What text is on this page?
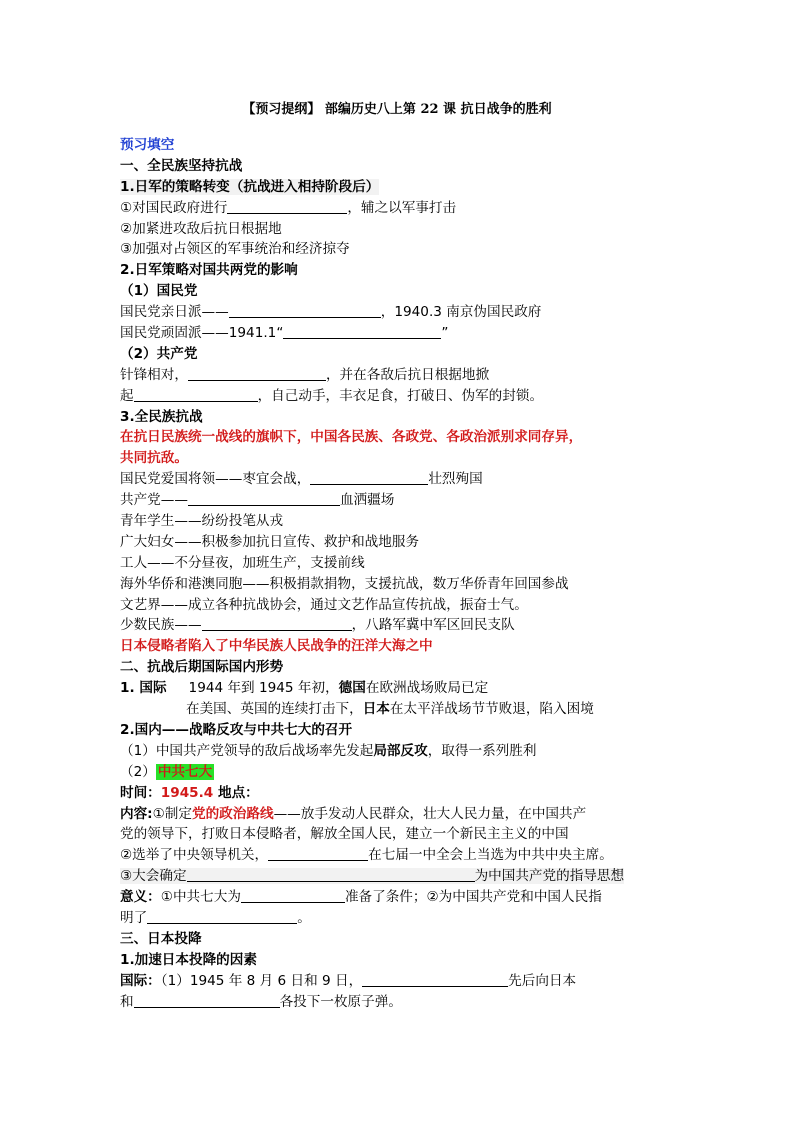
【预习提纲】 部编历史八上第 22 课 抗日战争的胜利
预习填空
一、全民族坚持抗战
1.日军的策略转变（抗战进入相持阶段后）
①对国民政府进行	，辅之以军事打击
②加紧进攻敌后抗日根据地
③加强对占领区的军事统治和经济掠夺
2.日军策略对国共两党的影响
（1）国民党
国民党亲日派——	，1940.3 南京伪国民政府
国民党顽固派——1941.1“	”
（2）共产党
针锋相对，	，并在各敌后抗日根据地掀
起	，自己动手，丰衣足食，打破日、伪军的封锁。
3.全民族抗战
在抗日民族统一战线的旗帜下，中国各民族、各政党、各政治派别求同存异，
共同抗敌。
国民党爱国将领——枣宜会战，	壮烈殉国
共产党——	血洒疆场
青年学生——纷纷投笔从戎
广大妇女——积极参加抗日宣传、救护和战地服务
工人——不分昼夜，加班生产，支援前线
海外华侨和港澳同胞——积极捐款捐物，支援抗战，数万华侨青年回国参战
文艺界——成立各种抗战协会，通过文艺作品宣传抗战，振奋士气。
少数民族——	，八路军冀中军区回民支队
日本侵略者陷入了中华民族人民战争的汪洋大海之中
二、抗战后期国际国内形势
1. 国际 1944 年到 1945 年初，德国在欧洲战场败局已定
在美国、英国的连续打击下，日本在太平洋战场节节败退，陷入困境
2.国内——战略反攻与中共七大的召开
（1）中国共产党领导的敌后战场率先发起局部反攻，取得一系列胜利
（2） 中共七大
时间：1945.4 地点：
内容:①制定党的政治路线——放手发动人民群众，壮大人民力量，在中国共产
党的领导下，打败日本侵略者，解放全国人民，建立一个新民主主义的中国
②选举了中央领导机关，	在七届一中全会上当选为中共中央主席。
③大会确定	为中国共产党的指导思想
意义：①中共七大为	准备了条件；②为中国共产党和中国人民指
明了	。
三、日本投降
1.加速日本投降的因素
国际：（1）1945 年 8 月 6 日和 9 日，	先后向日本
和	各投下一枚原子弹。
